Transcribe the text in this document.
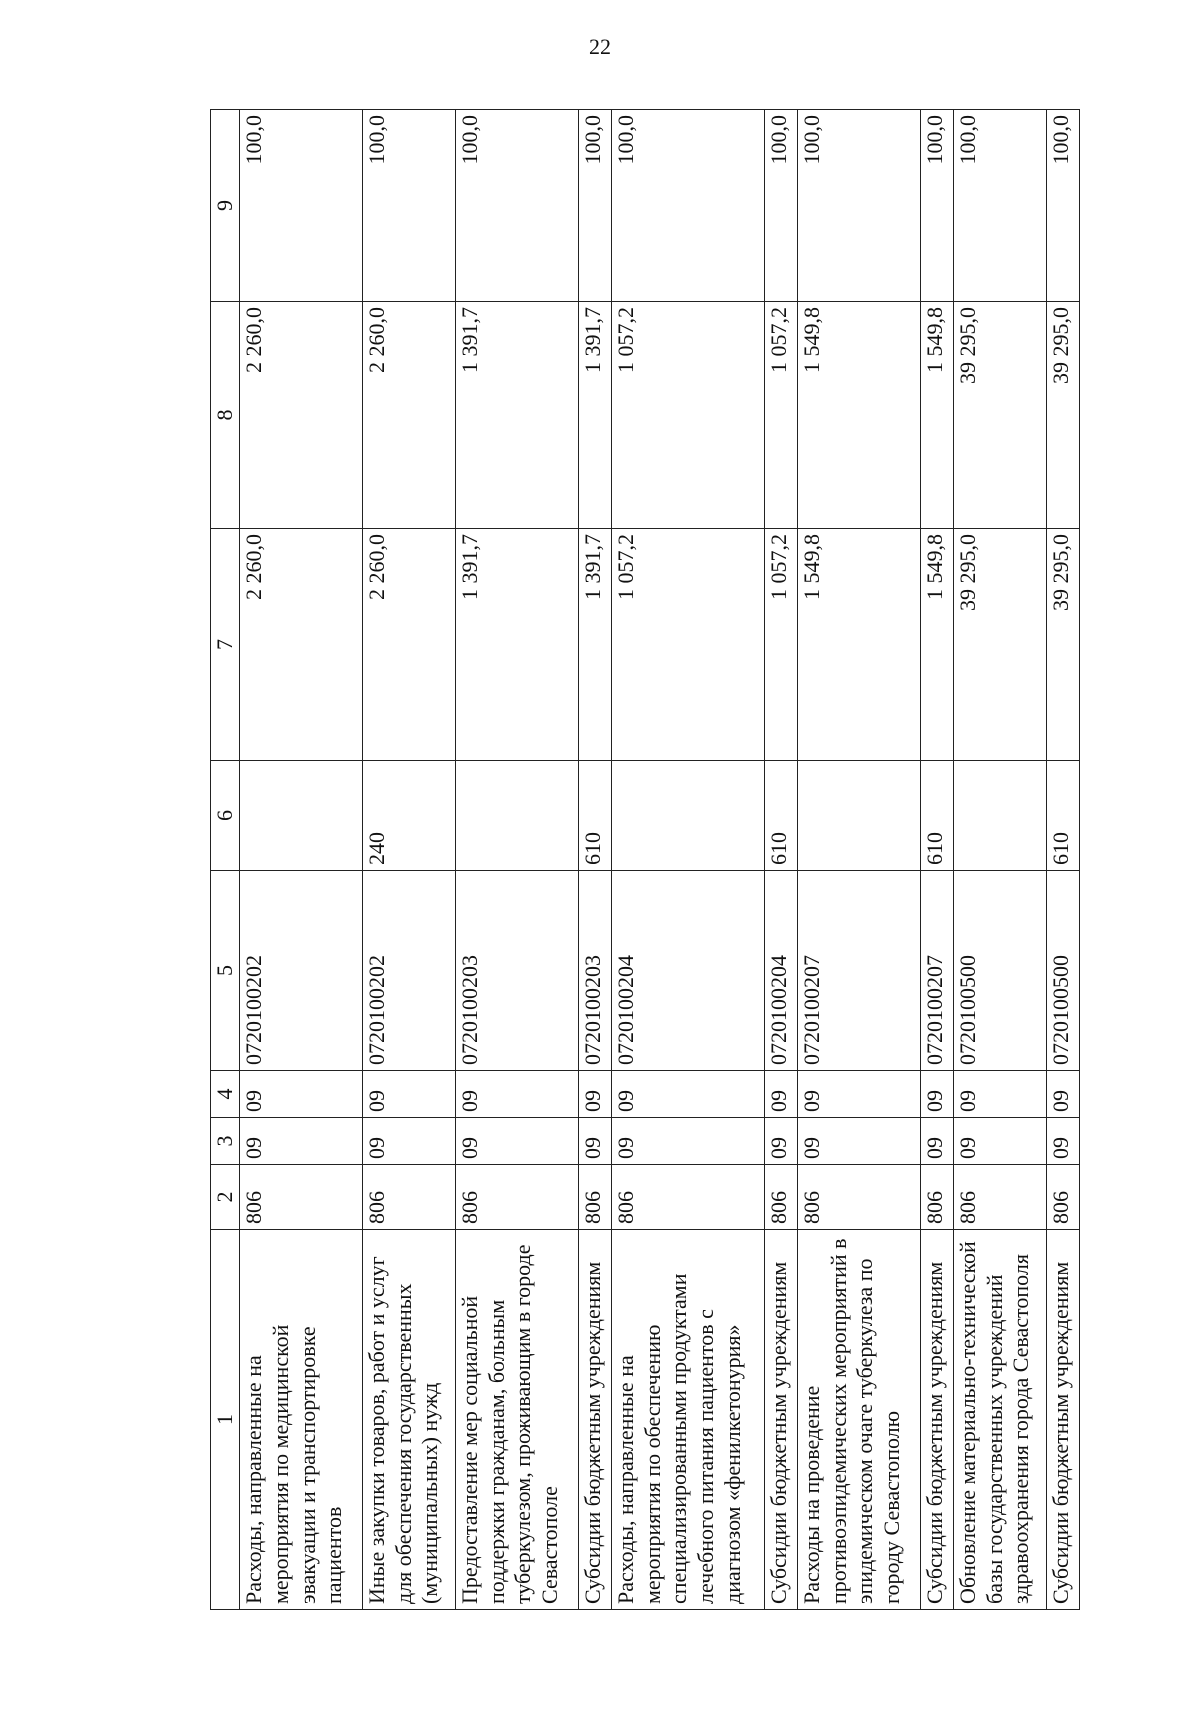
22
1	2	3	4	5	6	7	8	9
Расходы, направленные на мероприятия по медицинской эвакуации и транспортировке пациентов	806	09	09	0720100202		2 260,0	2 260,0	100,0
Иные закупки товаров, работ и услуг для обеспечения государственных (муниципальных) нужд	806	09	09	0720100202	240	2 260,0	2 260,0	100,0
Предоставление мер социальной поддержки гражданам, больным туберкулезом, проживающим в городе Севастополе	806	09	09	0720100203		1 391,7	1 391,7	100,0
Субсидии бюджетным учреждениям	806	09	09	0720100203	610	1 391,7	1 391,7	100,0
Расходы, направленные на мероприятия по обеспечению специализированными продуктами лечебного питания пациентов с диагнозом «фенилкетонурия»	806	09	09	0720100204		1 057,2	1 057,2	100,0
Субсидии бюджетным учреждениям	806	09	09	0720100204	610	1 057,2	1 057,2	100,0
Расходы на проведение противоэпидемических мероприятий в эпидемическом очаге туберкулеза по городу Севастополю	806	09	09	0720100207		1 549,8	1 549,8	100,0
Субсидии бюджетным учреждениям	806	09	09	0720100207	610	1 549,8	1 549,8	100,0
Обновление материально-технической базы государственных учреждений здравоохранения города Севастополя	806	09	09	0720100500		39 295,0	39 295,0	100,0
Субсидии бюджетным учреждениям	806	09	09	0720100500	610	39 295,0	39 295,0	100,0
